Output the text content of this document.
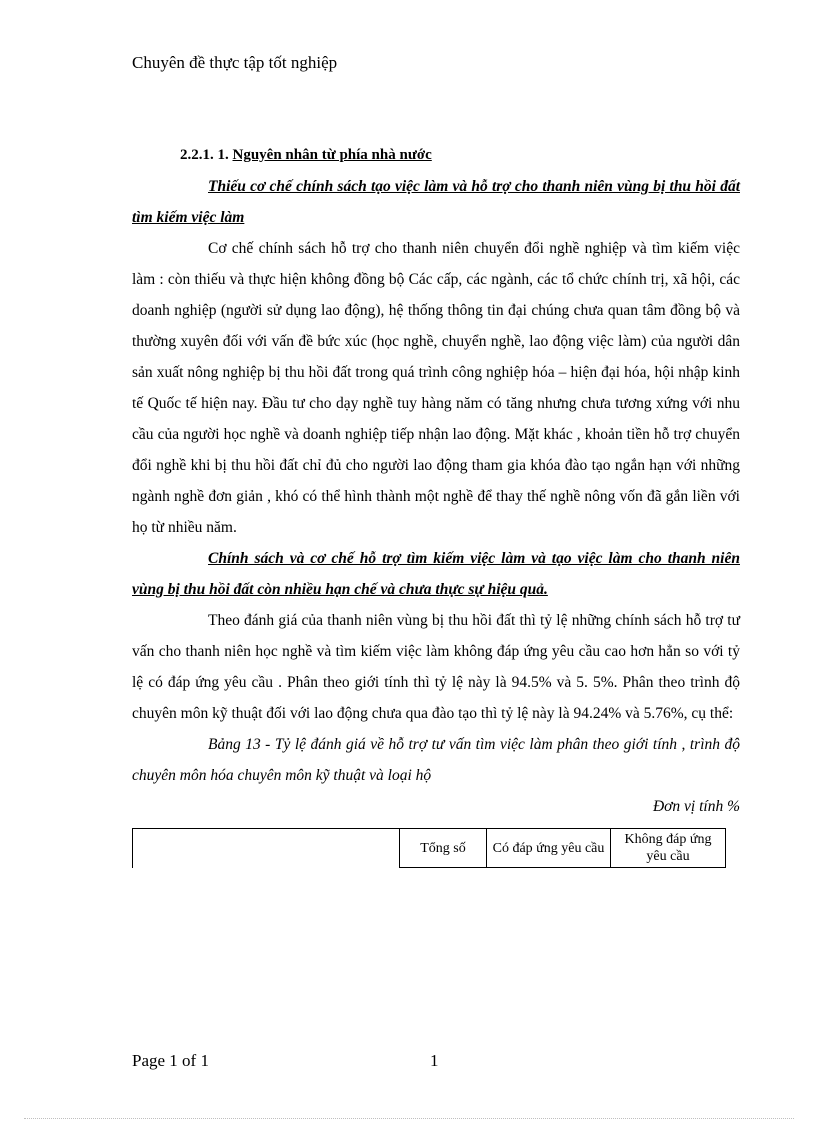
Chuyên đề thực tập tốt nghiệp

2.2.1. 1. Nguyên nhân từ phía nhà nước

Thiếu cơ chế chính sách tạo việc làm và hỗ trợ cho thanh niên vùng bị thu hồi đất tìm kiếm việc làm

Cơ chế chính sách hỗ trợ cho thanh niên chuyển đổi nghề nghiệp và tìm kiếm việc làm : còn thiếu và thực hiện không đồng bộ Các cấp, các ngành, các tổ chức chính trị, xã hội, các doanh nghiệp (người sử dụng lao động), hệ thống thông tin đại chúng chưa quan tâm đồng bộ và thường xuyên đối với vấn đề bức xúc (học nghề, chuyển nghề, lao động việc làm) của người dân sản xuất nông nghiệp bị thu hồi đất trong quá trình công nghiệp hóa – hiện đại hóa, hội nhập kinh tế Quốc tế hiện nay. Đầu tư cho dạy nghề tuy hàng năm có tăng nhưng chưa tương xứng với nhu cầu của người học nghề và doanh nghiệp tiếp nhận lao động. Mặt khác , khoản tiền hỗ trợ chuyển đổi nghề khi bị thu hồi đất chỉ đủ cho người lao động tham gia khóa đào tạo ngắn hạn với những ngành nghề đơn giản , khó có thể hình thành một nghề để thay thế nghề nông vốn đã gắn liền với họ từ nhiều năm.

Chính sách và cơ chế hỗ trợ tìm kiếm việc làm và tạo việc làm cho thanh niên vùng bị thu hồi đất còn nhiều hạn chế và chưa thực sự hiệu quả.

Theo đánh giá của thanh niên vùng bị thu hồi đất thì tỷ lệ những chính sách hỗ trợ tư vấn cho thanh niên học nghề và tìm kiếm việc làm không đáp ứng yêu cầu cao hơn hẳn so với tỷ lệ có đáp ứng yêu cầu . Phân theo giới tính thì tỷ lệ này là 94.5% và 5. 5%. Phân theo trình độ chuyên môn kỹ thuật đối với lao động chưa qua đào tạo thì tỷ lệ này là 94.24% và 5.76%, cụ thể:

Bảng 13 - Tỷ lệ đánh giá về hỗ trợ tư vấn tìm việc làm phân theo giới tính , trình độ chuyên môn hóa chuyên môn kỹ thuật và loại hộ

Đơn vị tính %

	Tổng số	Có đáp ứng yêu cầu	Không đáp ứng yêu cầu
Page 1 of 1	1
